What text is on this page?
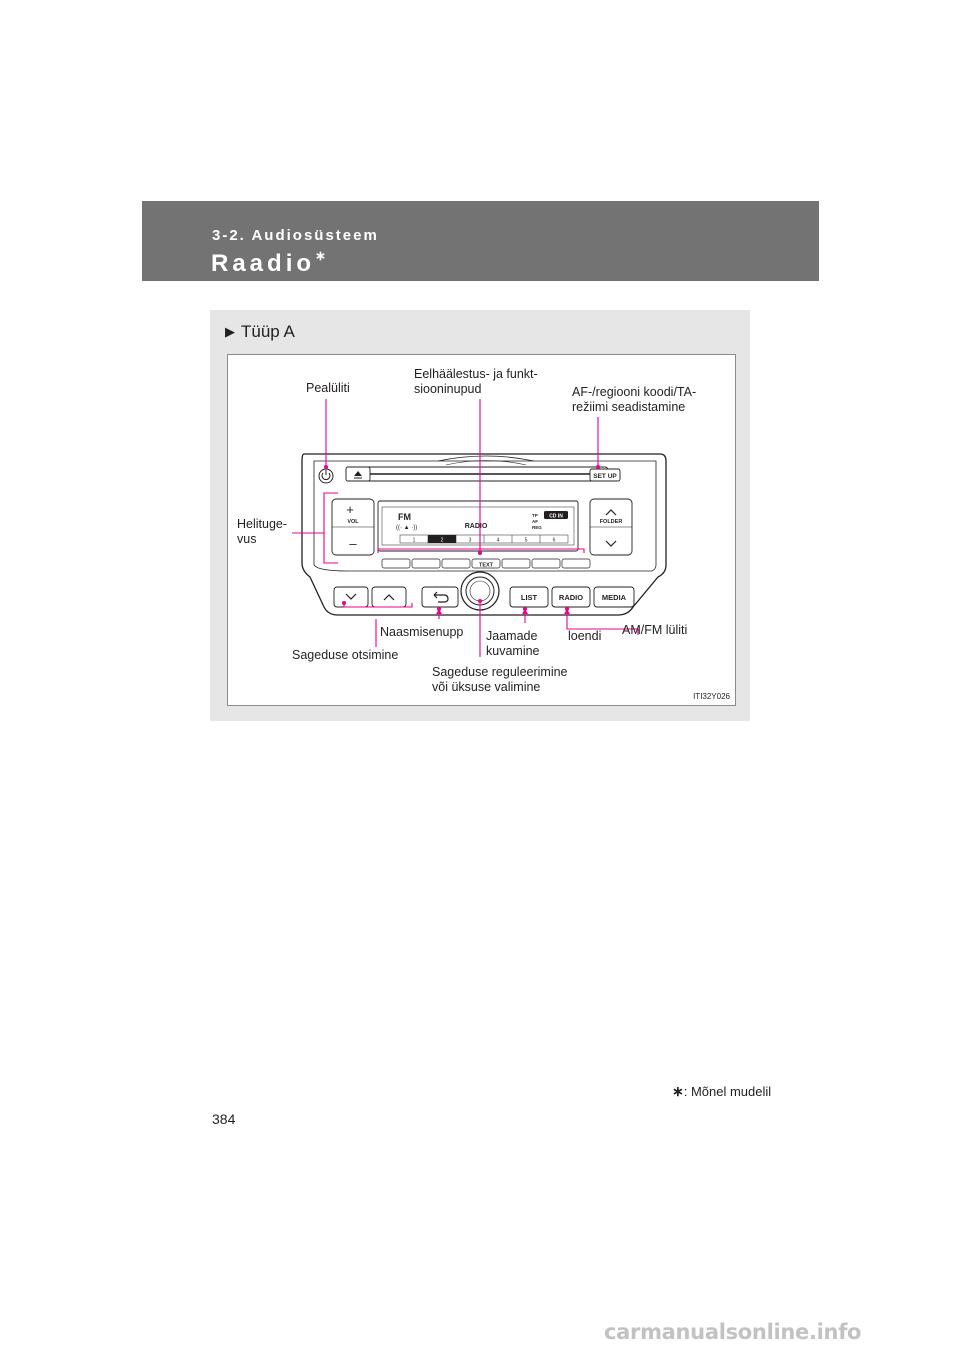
3-2. Audiosüsteem
Raadio∗
▶ Tüüp A
SET UP
+
VOL
–
FOLDER
FM
((· ▲ ·))	RADIO
TP
AF
REG
CD IN
1	2	3	4	5	6
TEXT
LIST	RADIO	MEDIA
Pealüliti
Eelhäälestus- ja funkt-
siooninupud	AF-/regiooni koodi/TA-
režiimi seadistamine
Helituge-
vus
Naasmisenupp
Sageduse otsimine
Jaamade
kuvamine
loendi
Sageduse reguleerimine
või üksuse valimine
AM/FM lüliti
ITI32Y026
∗: Mõnel mudelil
384
carmanualsonline.info
